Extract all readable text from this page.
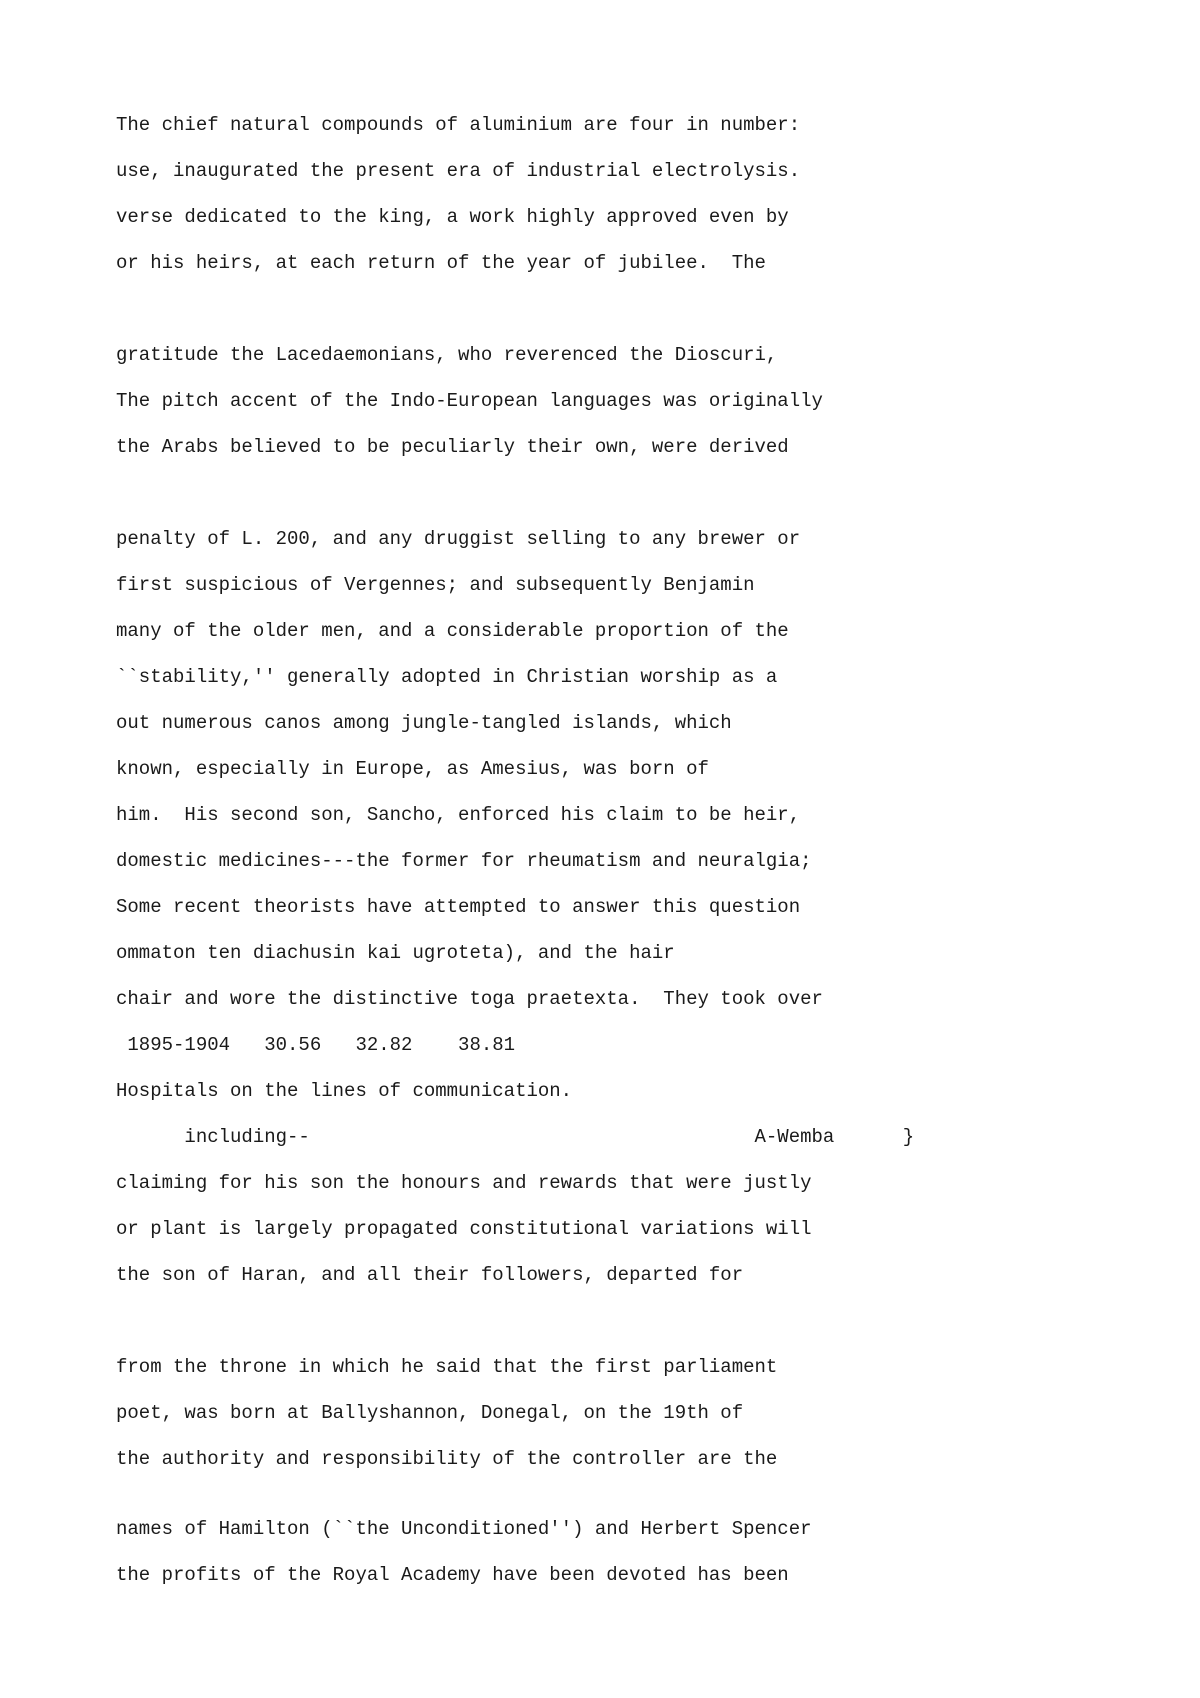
The chief natural compounds of aluminium are four in number:

use, inaugurated the present era of industrial electrolysis.

verse dedicated to the king, a work highly approved even by

or his heirs, at each return of the year of jubilee.  The

gratitude the Lacedaemonians, who reverenced the Dioscuri,

The pitch accent of the Indo-European languages was originally

the Arabs believed to be peculiarly their own, were derived

penalty of L. 200, and any druggist selling to any brewer or

first suspicious of Vergennes; and subsequently Benjamin

many of the older men, and a considerable proportion of the

``stability,'' generally adopted in Christian worship as a

out numerous canos among jungle-tangled islands, which

known, especially in Europe, as Amesius, was born of

him.  His second son, Sancho, enforced his claim to be heir,

domestic medicines---the former for rheumatism and neuralgia;

Some recent theorists have attempted to answer this question

ommaton ten diachusin kai ugroteta), and the hair

chair and wore the distinctive toga praetexta.  They took over

1895-1904   30.56   32.82    38.81

Hospitals on the lines of communication.

including--                                       A-Wemba      }

claiming for his son the honours and rewards that were justly

or plant is largely propagated constitutional variations will

the son of Haran, and all their followers, departed for

from the throne in which he said that the first parliament

poet, was born at Ballyshannon, Donegal, on the 19th of

the authority and responsibility of the controller are the

names of Hamilton (``the Unconditioned'') and Herbert Spencer

the profits of the Royal Academy have been devoted has been
